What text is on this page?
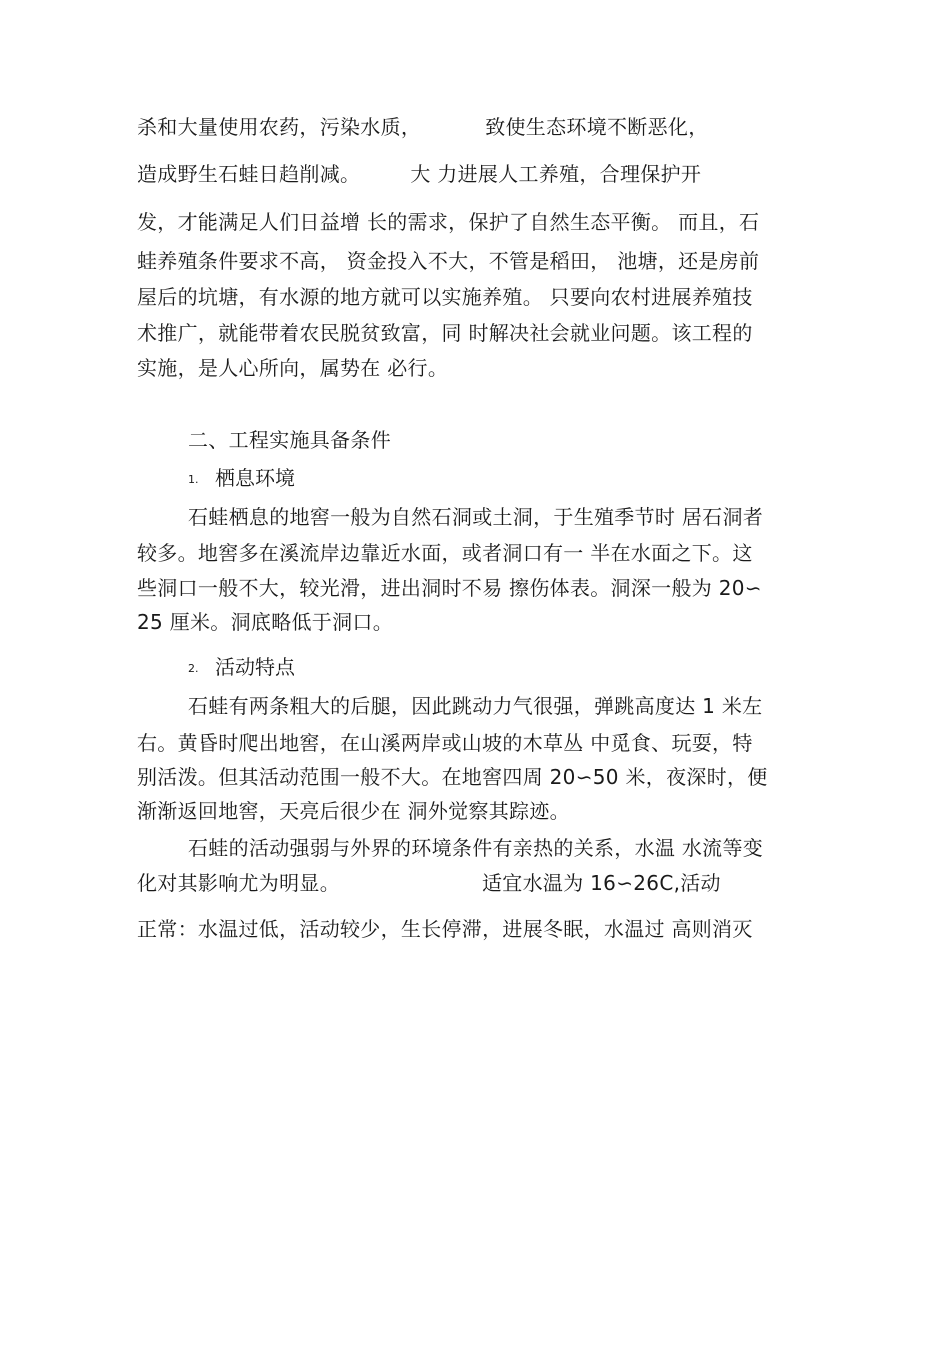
杀和大量使用农药，污染水质，	致使生态环境不断恶化，
造成野生石蛙日趋削减。	大 力进展人工养殖，合理保护开
发，才能满足人们日益增 长的需求，保护了自然生态平衡。 而且，石
蛙养殖条件要求不高， 资金投入不大，不管是稻田， 池塘，还是房前
屋后的坑塘，有水源的地方就可以实施养殖。 只要向农村进展养殖技
术推广，就能带着农民脱贫致富，同 时解决社会就业问题。该工程的
实施，是人心所向，属势在 必行。
二、工程实施具备条件
1. 栖息环境
石蛙栖息的地窖一般为自然石洞或土洞，于生殖季节时 居石洞者
较多。地窖多在溪流岸边靠近水面，或者洞口有一 半在水面之下。这
些洞口一般不大，较光滑，进出洞时不易 擦伤体表。洞深一般为 20∽
25 厘米。洞底略低于洞口。
2. 活动特点
石蛙有两条粗大的后腿，因此跳动力气很强，弹跳高度达 1 米左
右。黄昏时爬出地窖，在山溪两岸或山坡的木草丛 中觅食、玩耍，特
别活泼。但其活动范围一般不大。在地窖四周 20∽50 米，夜深时，便
渐渐返回地窖，天亮后很少在 洞外觉察其踪迹。
石蛙的活动强弱与外界的环境条件有亲热的关系，水温 水流等变
化对其影响尤为明显。	适宜水温为 16∽26C,活动
正常：水温过低，活动较少，生长停滞，进展冬眠，水温过 高则消灭
